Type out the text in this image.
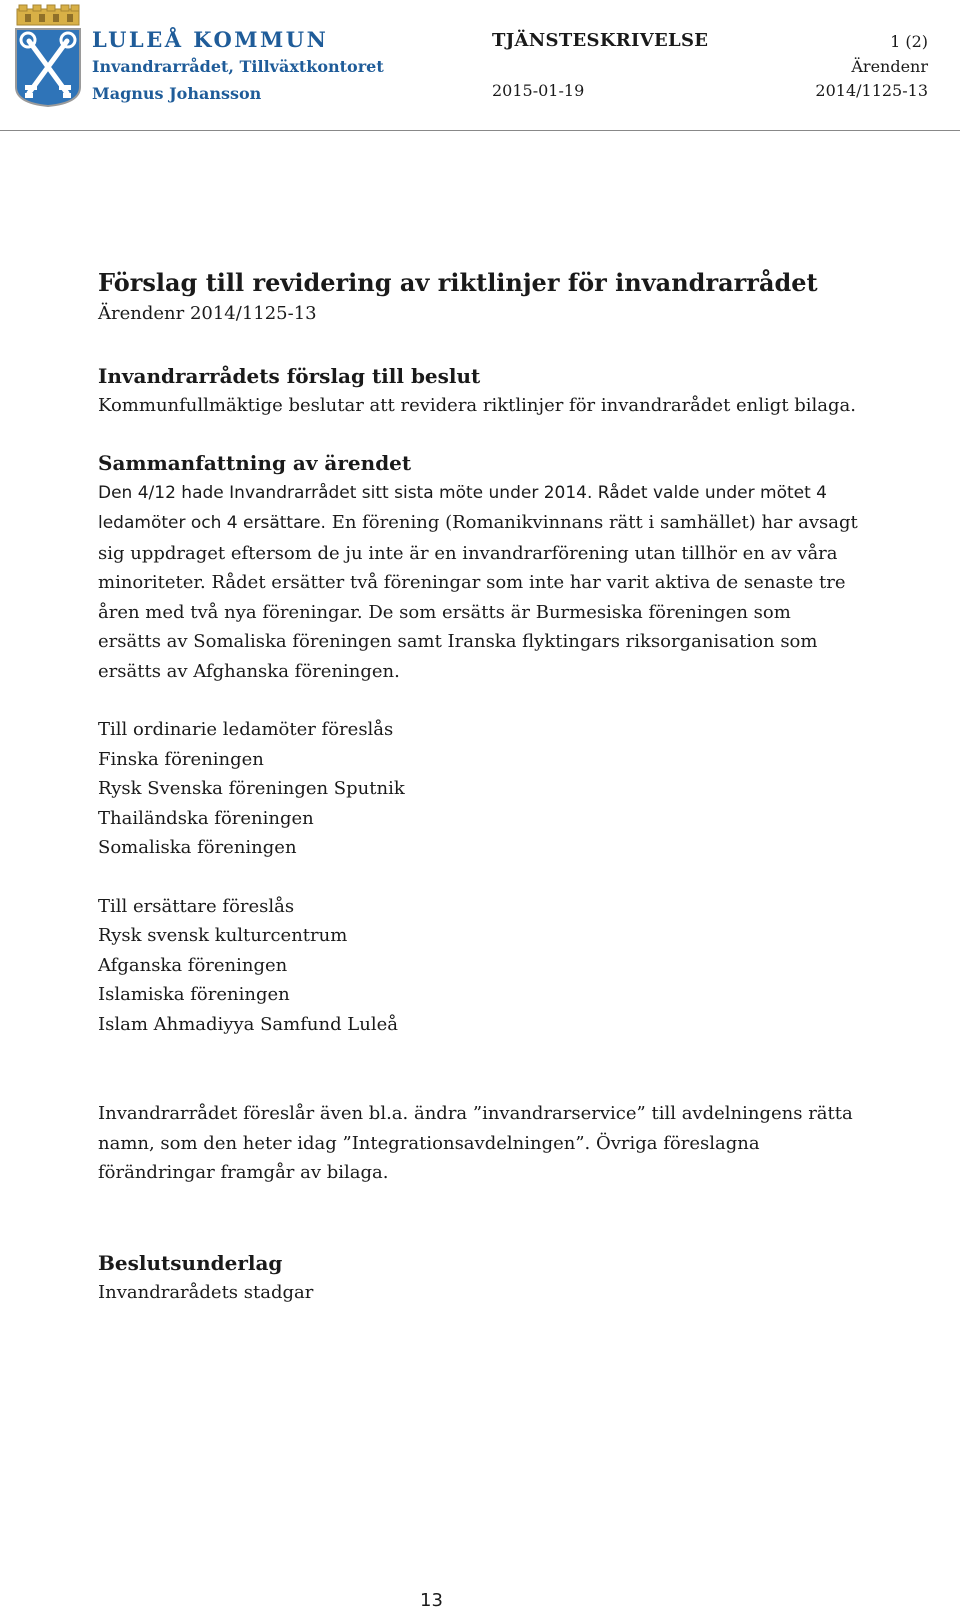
LULEÅ KOMMUN
Invandrarrådet, Tillväxtkontoret
Magnus Johansson
TJÄNSTESKRIVELSE
2015-01-19
1 (2)
Ärendenr
2014/1125-13
Förslag till revidering av riktlinjer för invandrarrådet
Ärendenr 2014/1125-13
Invandrarrådets förslag till beslut

Kommunfullmäktige beslutar att revidera riktlinjer för invandrarådet enligt bilaga.

Sammanfattning av ärendet

Den 4/12 hade Invandrarrådet sitt sista möte under 2014. Rådet valde under mötet 4 ledamöter och 4 ersättare. En förening (Romanikvinnans rätt i samhället) har avsagt sig uppdraget eftersom de ju inte är en invandrarförening utan tillhör en av våra minoriteter. Rådet ersätter två föreningar som inte har varit aktiva de senaste tre åren med två nya föreningar. De som ersätts är Burmesiska föreningen som ersätts av Somaliska föreningen samt Iranska flyktingars riksorganisation som ersätts av Afghanska föreningen.

Till ordinarie ledamöter föreslås

Finska föreningen
Rysk Svenska föreningen Sputnik
Thailändska föreningen
Somaliska föreningen

Till ersättare föreslås

Rysk svensk kulturcentrum
Afganska föreningen
Islamiska föreningen
Islam Ahmadiyya Samfund Luleå

Invandrarrådet föreslår även bl.a. ändra ”invandrarservice” till avdelningens rätta namn, som den heter idag ”Integrationsavdelningen”. Övriga föreslagna förändringar framgår av bilaga.

Beslutsunderlag

Invandrarådets stadgar

13
